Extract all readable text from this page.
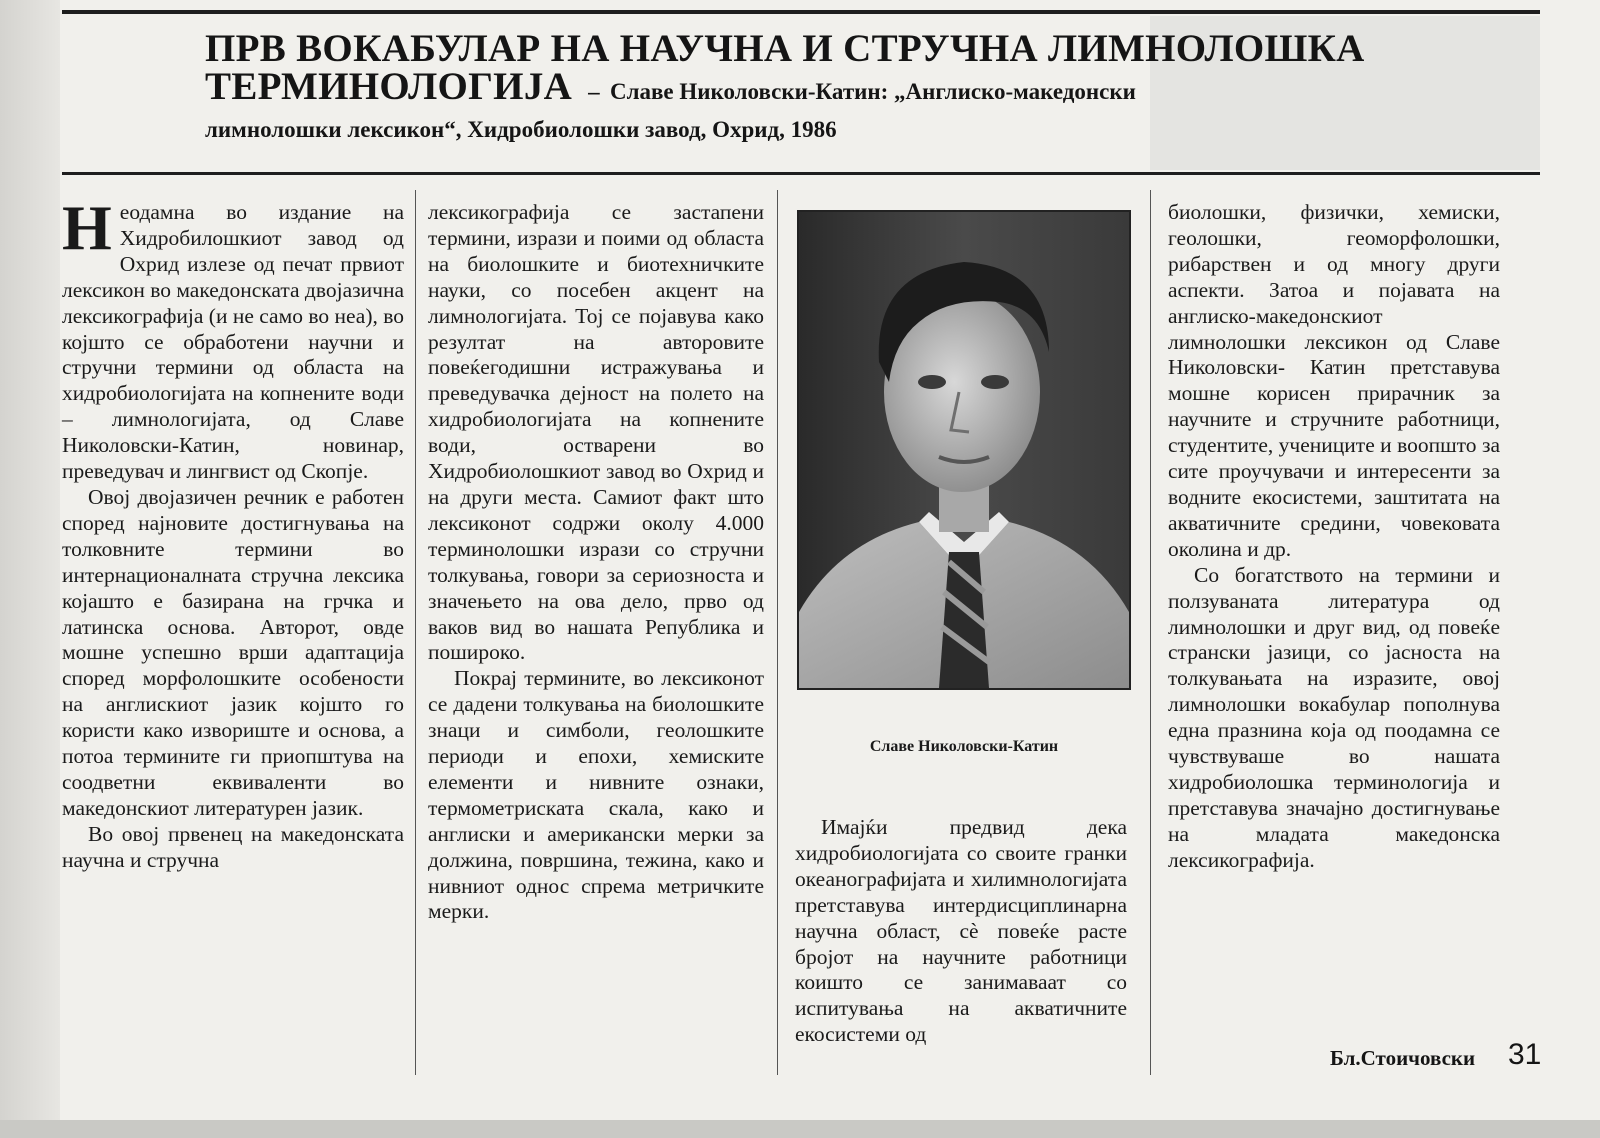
ПРВ ВОКАБУЛАР НА НАУЧНА И СТРУЧНА ЛИМНОЛОШКА
ТЕРМИНОЛОГИЈА – Славе Николовски-Катин: „Англиско-македонски
лимнолошки лексикон“, Хидробиолошки завод, Охрид, 1986

Неодамна во издание на Хидробилошкиот завод од Охрид излезе од печат првиот лексикон во македонската двојазична лексикографија (и не само во неа), во којшто се обработени научни и стручни термини од областа на хидробиологијата на копнените води – лимнологијата, од Славе Николовски-Катин, новинар, преведувач и лингвист од Скопје.

Овој двојазичен речник е работен според најновите достигнувања на толковните термини во интернационалната стручна лексика којашто е базирана на грчка и латинска основа. Авторот, овде мошне успешно врши адаптација според морфолошките особености на англискиот јазик којшто го користи како извориште и основа, а потоа термините ги приопштува на соодветни еквиваленти во македонскиот литературен јазик.

Во овој првенец на македонската научна и стручна

лексикографија се застапени термини, изрази и поими од областа на биолошките и биотехничките науки, со посебен акцент на лимнологијата. Тој се појавува како резултат на авторовите повеќегодишни истражувања и преведувачка дејност на полето на хидробиологијата на копнените води, остварени во Хидробиолошкиот завод во Охрид и на други места. Самиот факт што лексиконот содржи околу 4.000 терминолошки изрази со стручни толкувања, говори за сериозноста и значењето на ова дело, прво од ваков вид во нашата Република и пошироко.

Покрај термините, во лексиконот се дадени толкувања на биолошките знаци и симболи, геолошките периоди и епохи, хемиските елементи и нивните ознаки, термометриската скала, како и англиски и американски мерки за должина, површина, тежина, како и нивниот однос спрема метричките мерки.

Славе Николовски-Катин

Имајќи предвид дека хидробиологијата со своите гранки океанографијата и хилимнологијата претставува интердисциплинарна научна област, сè повеќе расте бројот на научните работници коишто се занимаваат со испитувања на акватичните екосистеми од

биолошки, физички, хемиски, геолошки, геоморфолошки, рибарствен и од многу други аспекти. Затоа и појавата на англиско-македонскиот лимнолошки лексикон од Славе Николовски- Катин претставува мошне корисен прирачник за научните и стручните работници, студентите, учениците и воопшто за сите проучувачи и интересенти за водните екосистеми, заштитата на акватичните средини, човековата околина и др.

Со богатството на термини и ползуваната литература од лимнолошки и друг вид, од повеќе странски јазици, со јасноста на толкувањата на изразите, овој лимнолошки вокабулар пополнува една празнина која од поодамна се чувствуваше во нашата хидробиолошка терминологија и претставува значајно достигнување на младата македонска лексикографија.

Бл.Стоичовски 31
